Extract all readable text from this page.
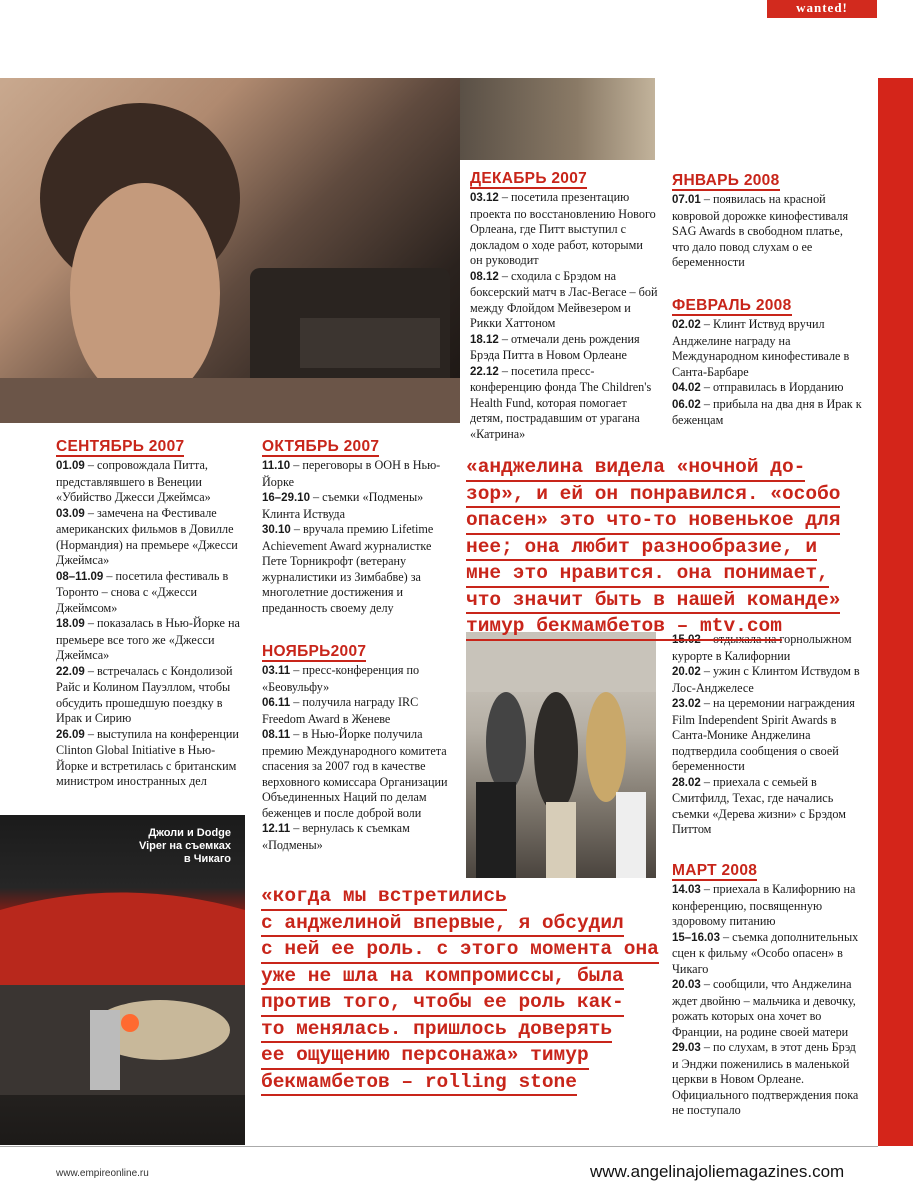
wanted!
Джоли и Dodge
Viper на съемках
в Чикаго
СЕНТЯБРЬ 2007

01.09 – сопровождала Питта, представлявшего в Венеции «Убийство Джесси Джеймса»

03.09 – замечена на Фестивале американских фильмов в Довилле (Нормандия) на премьере «Джесси Джеймса»

08–11.09 – посетила фестиваль в Торонто – снова с «Джесси Джеймсом»

18.09 – показалась в Нью-Йорке на премьере все того же «Джесси Джеймса»

22.09 – встречалась с Кондолизой Райс и Колином Пауэллом, чтобы обсудить прошедшую поездку в Ирак и Сирию

26.09 – выступила на конференции Clinton Global Initiative в Нью-Йорке и встретилась с британским министром иностранных дел

ОКТЯБРЬ 2007

11.10 – переговоры в ООН в Нью-Йорке

16–29.10 – съемки «Подмены» Клинта Иствуда

30.10 – вручала премию Lifetime Achievement Award журналистке Пете Торникрофт (ветерану журналистики из Зимбабве) за многолетние достижения и преданность своему делу

НОЯБРЬ2007

03.11 – пресс-конференция по «Беовульфу»

06.11 – получила награду IRC Freedom Award в Женеве

08.11 – в Нью-Йорке получила премию Международного комитета спасения за 2007 год в качестве верховного комиссара Организации Объединенных Наций по делам беженцев и после доброй воли

12.11 – вернулась к съемкам «Подмены»

ДЕКАБРЬ 2007

03.12 – посетила презентацию проекта по восстановлению Нового Орлеана, где Питт выступил с докладом о ходе работ, которыми он руководит

08.12 – сходила с Брэдом на боксерский матч в Лас-Вегасе – бой между Флойдом Мейвезером и Рикки Хаттоном

18.12 – отмечали день рождения Брэда Питта в Новом Орлеане

22.12 – посетила пресс-конференцию фонда The Children's Health Fund, которая помогает детям, пострадавшим от урагана «Катрина»

ЯНВАРЬ 2008

07.01 – появилась на красной ковровой дорожке кинофестиваля SAG Awards в свободном платье, что дало повод слухам о ее беременности

ФЕВРАЛЬ 2008

02.02 – Клинт Иствуд вручил Анджелине награду на Международном кинофестивале в Санта-Барбаре

04.02 – отправилась в Иорданию

06.02 – прибыла на два дня в Ирак к беженцам

15.02 – отдыхала на горнолыжном курорте в Калифорнии

20.02 – ужин с Клинтом Иствудом в Лос-Анджелесе

23.02 – на церемонии награждения Film Independent Spirit Awards в Санта-Монике Анджелина подтвердила сообщения о своей беременности

28.02 – приехала с семьей в Смитфилд, Техас, где начались съемки «Дерева жизни» с Брэдом Питтом

МАРТ 2008

14.03 – приехала в Калифорнию на конференцию, посвященную здоровому питанию

15–16.03 – съемка дополнительных сцен к фильму «Особо опасен» в Чикаго

20.03 – сообщили, что Анджелина ждет двойню – мальчика и девочку, рожать которых она хочет во Франции, на родине своей матери

29.03 – по слухам, в этот день Брэд и Энджи поженились в маленькой церкви в Новом Орлеане. Официального подтверждения пока не поступало

«анджелина видела «ночной до-
зор», и ей он понравился. «особо
опасен» это что-то новенькое для
нее; она любит разнообразие, и
мне это нравится. она понимает,
что значит быть в нашей команде»
тимур бекмамбетов – mtv.com
«когда мы встретились
с анджелиной впервые, я обсудил
с ней ее роль. с этого момента она
уже не шла на компромиссы, была
против того, чтобы ее роль как-
то менялась. пришлось доверять
ее ощущению персонажа» тимур
бекмамбетов – rolling stone
www.empireonline.ru	www.angelinajoliemagazines.com
